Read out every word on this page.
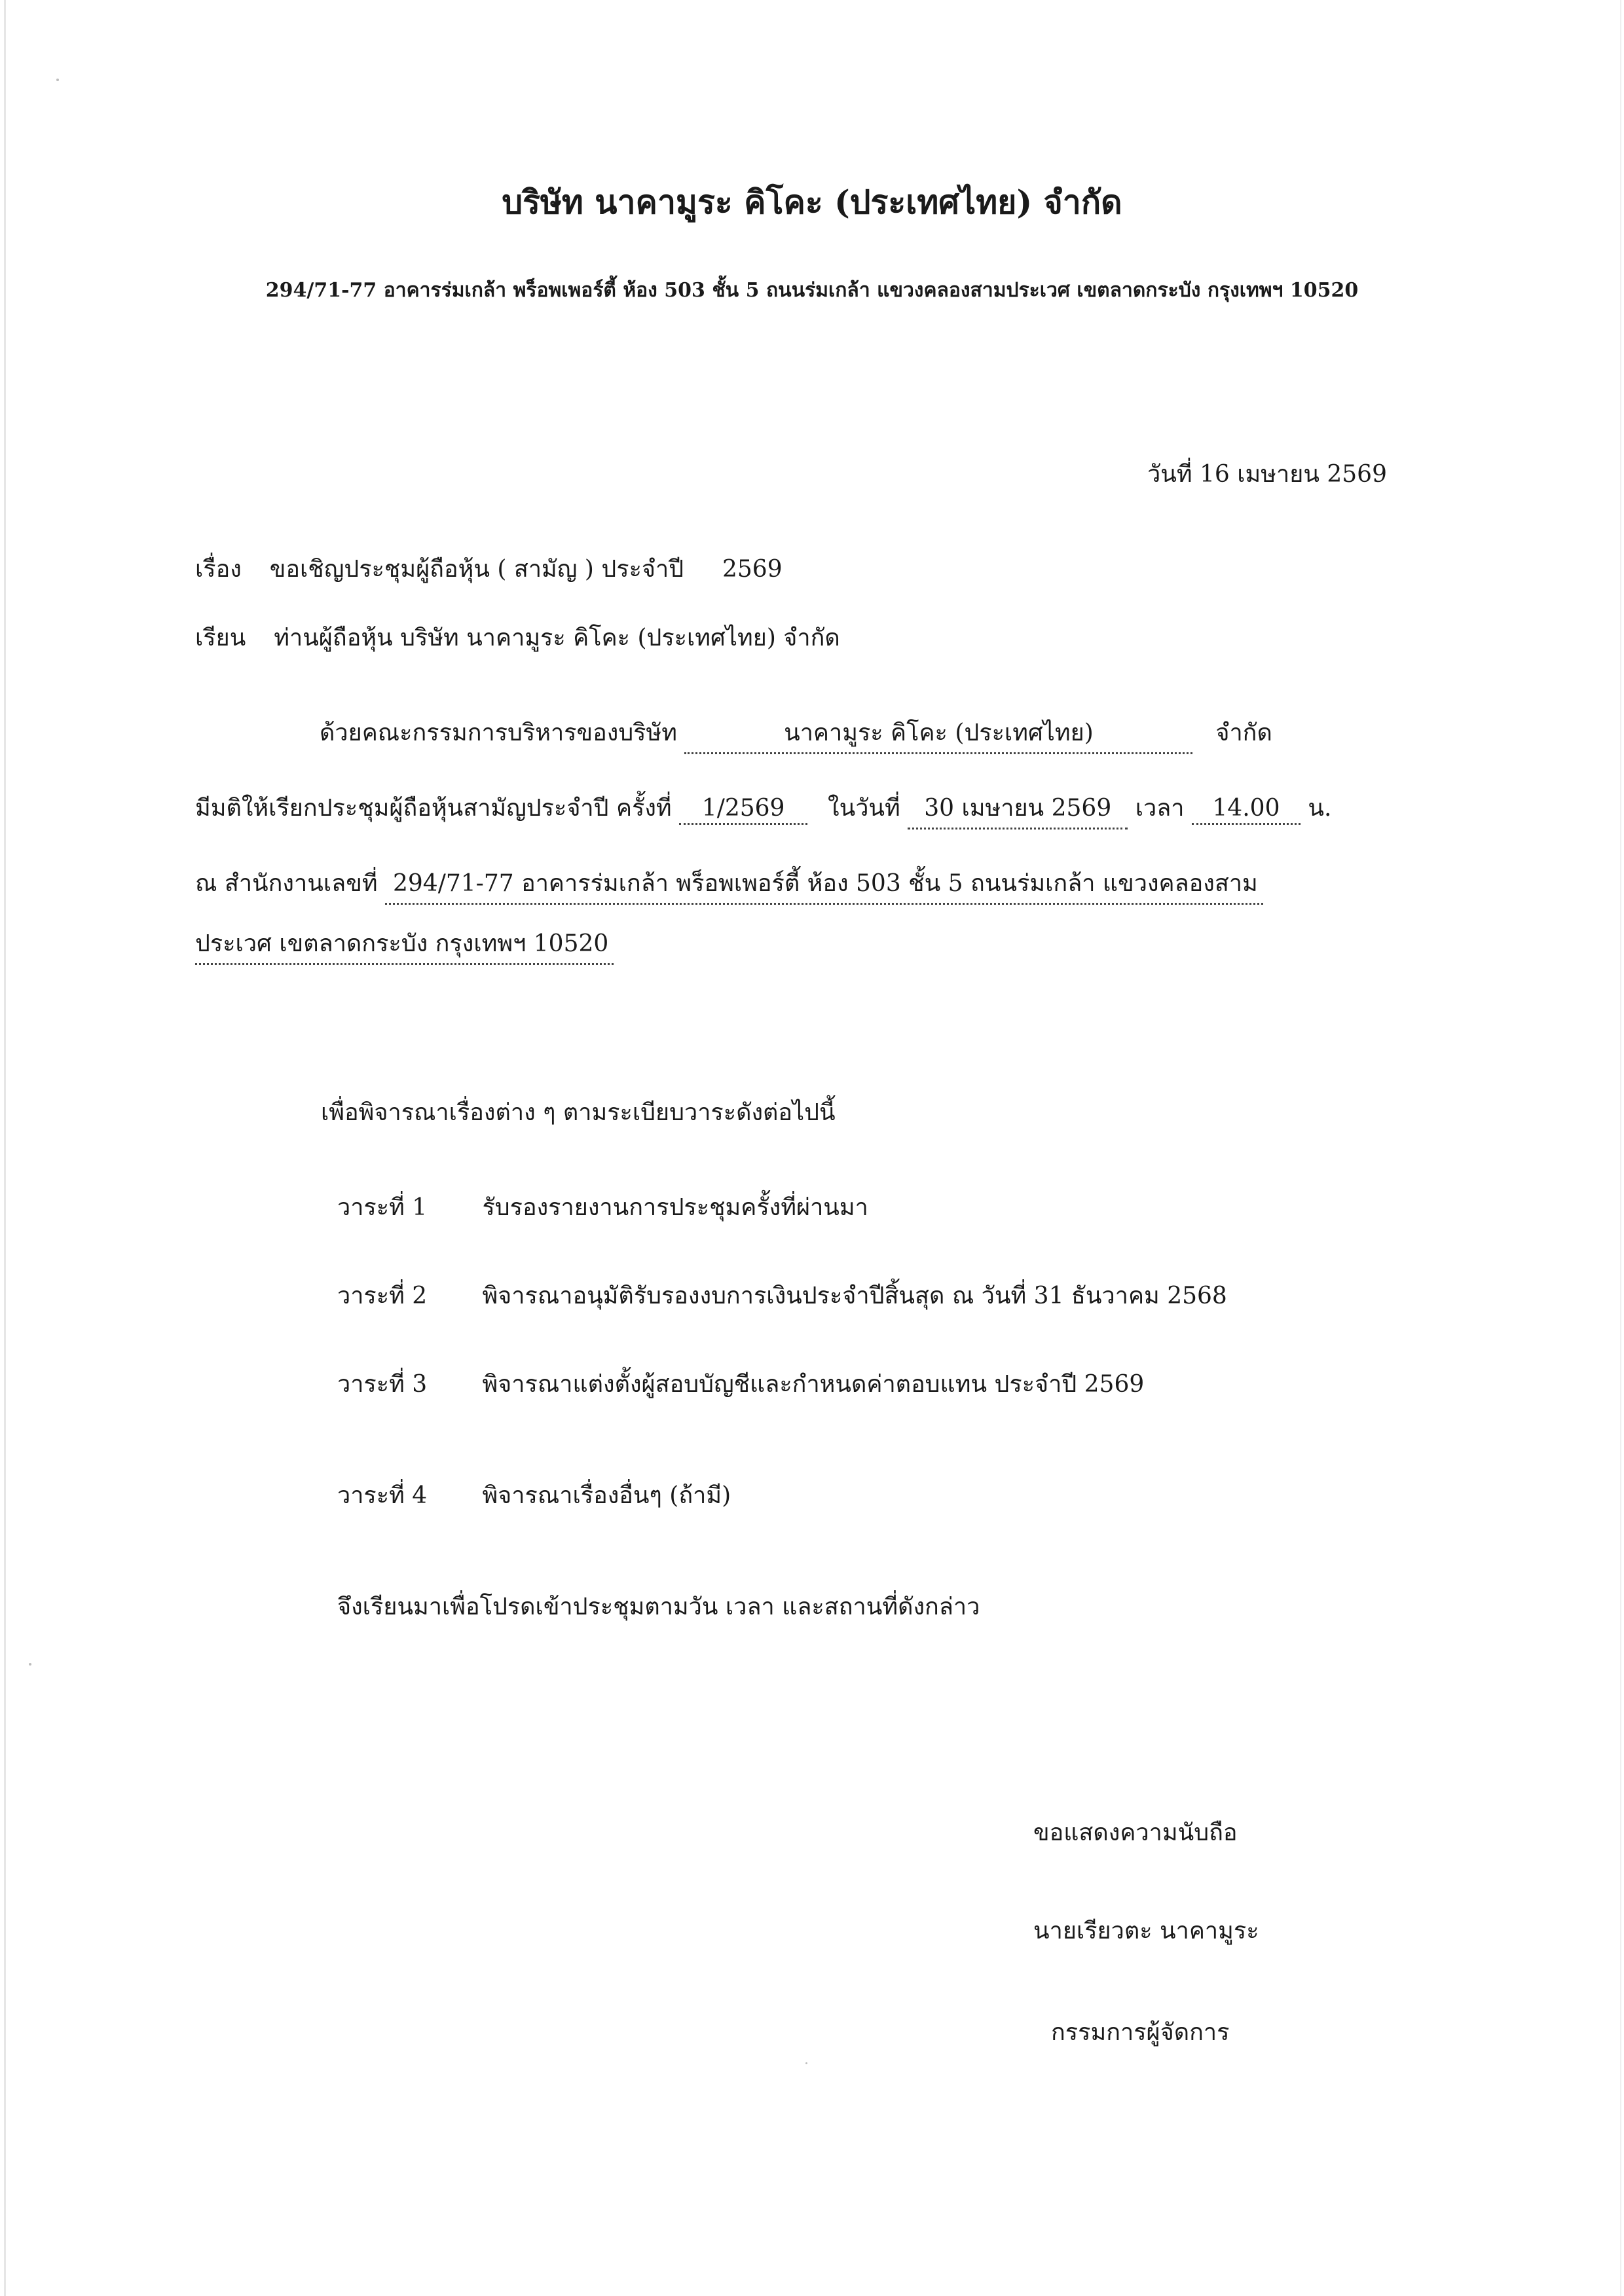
บริษัท นาคามูระ คิโคะ (ประเทศไทย) จำกัด
294/71-77 อาคารร่มเกล้า พร็อพเพอร์ตี้ ห้อง 503 ชั้น 5 ถนนร่มเกล้า แขวงคลองสามประเวศ เขตลาดกระบัง กรุงเทพฯ 10520
วันที่ 16 เมษายน 2569
เรื่อง ขอเชิญประชุมผู้ถือหุ้น ( สามัญ ) ประจำปี 2569
เรียน ท่านผู้ถือหุ้น บริษัท นาคามูระ คิโคะ (ประเทศไทย) จำกัด
ด้วยคณะกรรมการบริหารของบริษัท	นาคามูระ คิโคะ (ประเทศไทย)	จำกัด
มีมติให้เรียกประชุมผู้ถือหุ้นสามัญประจำปี ครั้งที่ 1/2569 ในวันที่ 30 เมษายน 2569 เวลา 14.00 น.
ณ สำนักงานเลขที่ 294/71-77 อาคารร่มเกล้า พร็อพเพอร์ตี้ ห้อง 503 ชั้น 5 ถนนร่มเกล้า แขวงคลองสาม
ประเวศ เขตลาดกระบัง กรุงเทพฯ 10520
เพื่อพิจารณาเรื่องต่าง ๆ ตามระเบียบวาระดังต่อไปนี้
วาระที่ 1 รับรองรายงานการประชุมครั้งที่ผ่านมา
วาระที่ 2 พิจารณาอนุมัติรับรองงบการเงินประจำปีสิ้นสุด ณ วันที่ 31 ธันวาคม 2568
วาระที่ 3 พิจารณาแต่งตั้งผู้สอบบัญชีและกำหนดค่าตอบแทน ประจำปี 2569
วาระที่ 4 พิจารณาเรื่องอื่นๆ (ถ้ามี)
จึงเรียนมาเพื่อโปรดเข้าประชุมตามวัน เวลา และสถานที่ดังกล่าว
ขอแสดงความนับถือ
นายเรียวตะ นาคามูระ
กรรมการผู้จัดการ
